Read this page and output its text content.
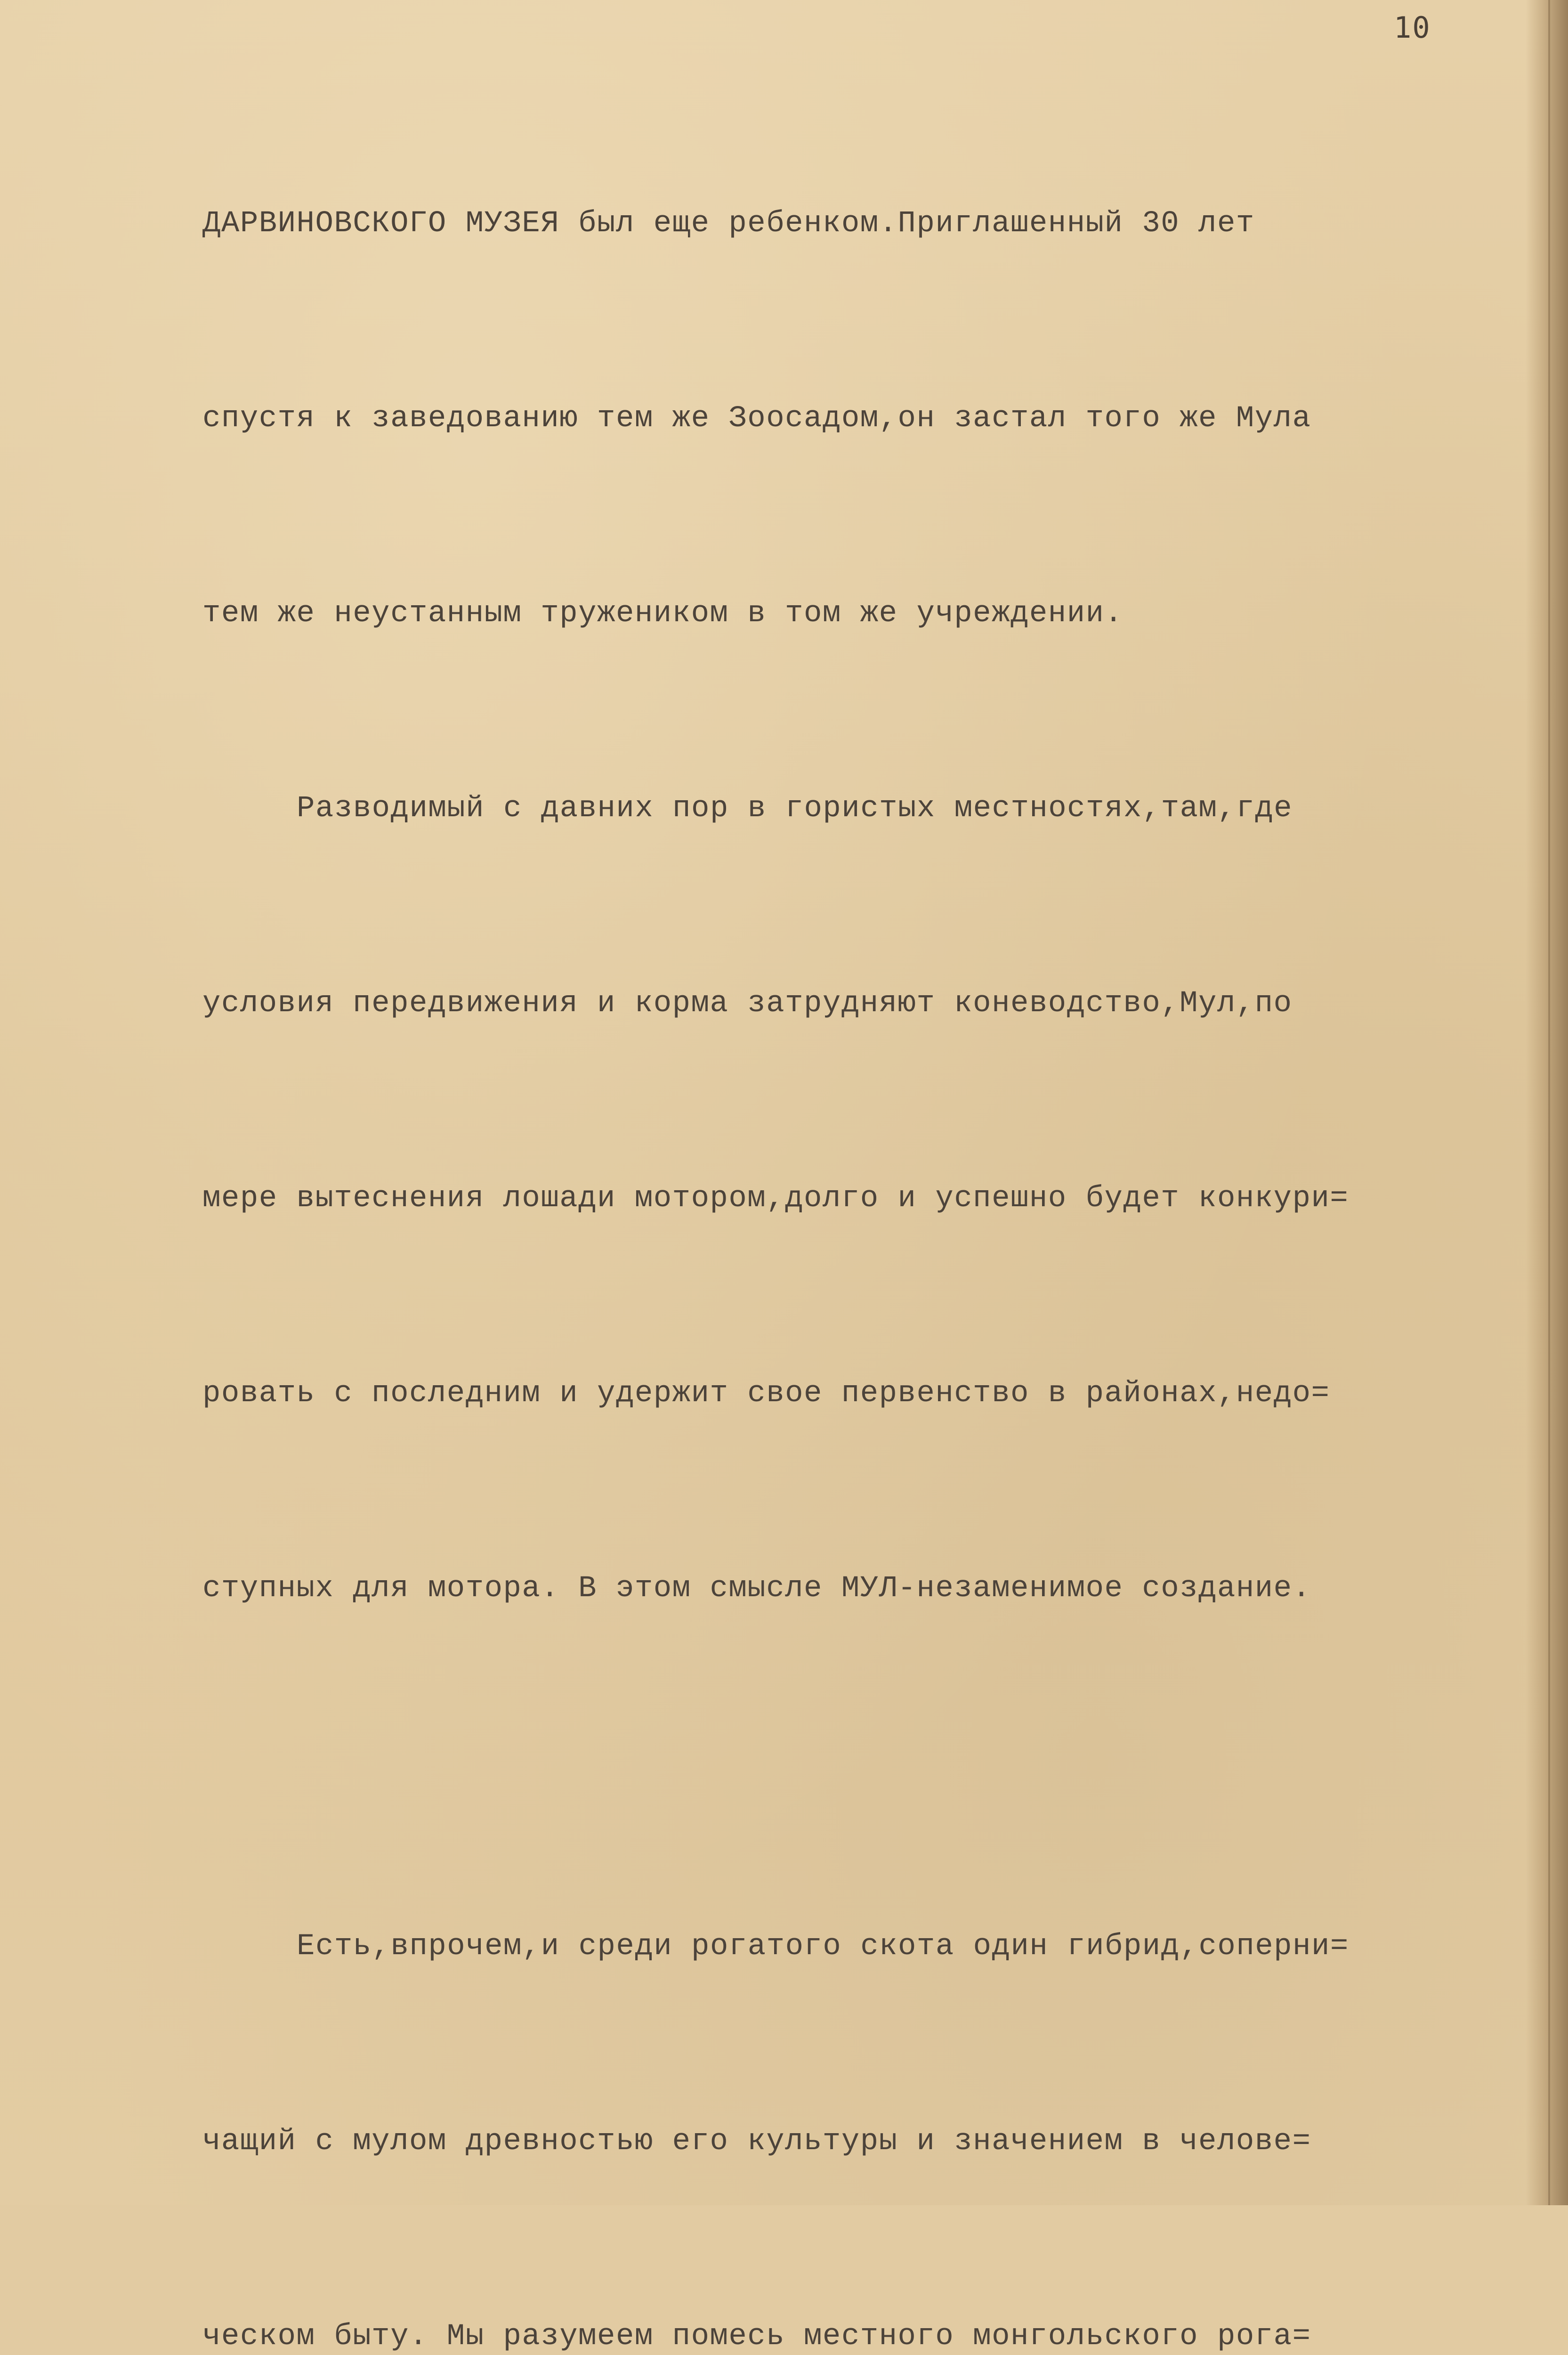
10

ДАРВИНОВСКОГО МУЗЕЯ был еще ребенком.Приглашенный 30 лет

спустя к заведованию тем же Зоосадом,он застал того же Мула

тем же неустанным тружеником в том же учреждении.

Разводимый с давних пор в гористых местностях,там,где

условия передвижения и корма затрудняют коневодство,Мул,по

мере вытеснения лошади мотором,долго и успешно будет конкури=

ровать с последним и удержит свое первенство в районах,недо=

ступных для мотора. В этом смысле МУЛ-незаменимое создание.

Есть,впрочем,и среди рогатого скота один гибрид,соперни=

чащий с мулом древностью его культуры и значением в челове=

ческом быту. Мы разумеем помесь местного монгольского рога=
